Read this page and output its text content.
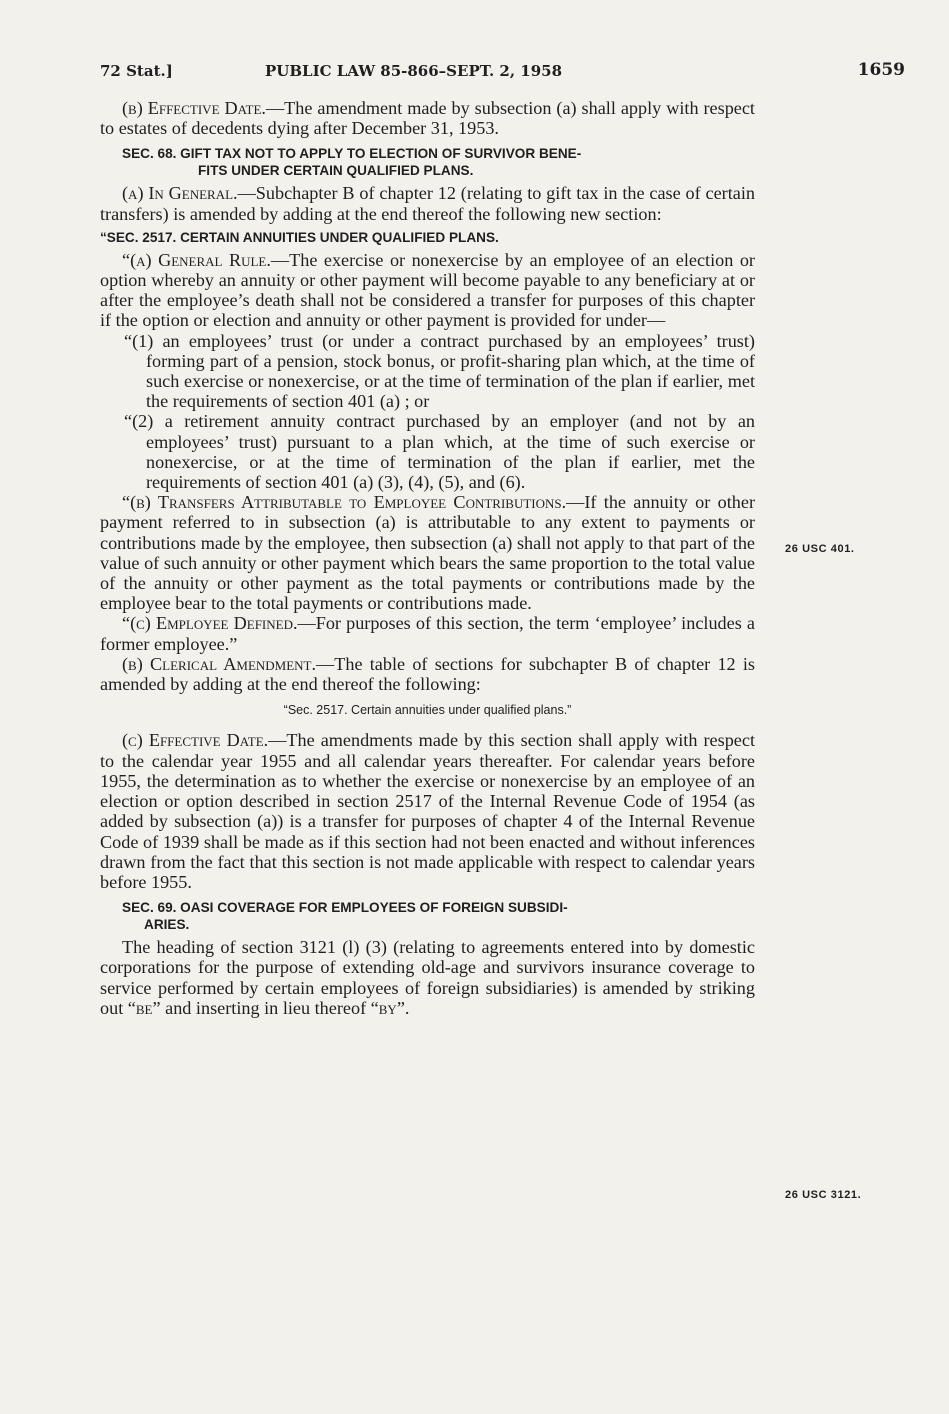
72 Stat.]	PUBLIC LAW 85-866–SEPT. 2, 1958	1659

(b) Effective Date.—The amendment made by subsection (a) shall apply with respect to estates of decedents dying after December 31, 1953.

SEC. 68. GIFT TAX NOT TO APPLY TO ELECTION OF SURVIVOR BENE-
FITS UNDER CERTAIN QUALIFIED PLANS.

(a) In General.—Subchapter B of chapter 12 (relating to gift tax in the case of certain transfers) is amended by adding at the end thereof the following new section:

“SEC. 2517. CERTAIN ANNUITIES UNDER QUALIFIED PLANS.

“(a) General Rule.—The exercise or nonexercise by an employee of an election or option whereby an annuity or other payment will become payable to any beneficiary at or after the employee’s death shall not be considered a transfer for purposes of this chapter if the option or election and annuity or other payment is provided for under—

“(1) an employees’ trust (or under a contract purchased by an employees’ trust) forming part of a pension, stock bonus, or profit-sharing plan which, at the time of such exercise or nonexercise, or at the time of termination of the plan if earlier, met the requirements of section 401 (a) ; or

“(2) a retirement annuity contract purchased by an employer (and not by an employees’ trust) pursuant to a plan which, at the time of such exercise or nonexercise, or at the time of termination of the plan if earlier, met the requirements of section 401 (a) (3), (4), (5), and (6).

“(b) Transfers Attributable to Employee Contributions.—If the annuity or other payment referred to in subsection (a) is attributable to any extent to payments or contributions made by the employee, then subsection (a) shall not apply to that part of the value of such annuity or other payment which bears the same proportion to the total value of the annuity or other payment as the total payments or contributions made by the employee bear to the total payments or contributions made.

“(c) Employee Defined.—For purposes of this section, the term ‘employee’ includes a former employee.”

(b) Clerical Amendment.—The table of sections for subchapter B of chapter 12 is amended by adding at the end thereof the following:

“Sec. 2517. Certain annuities under qualified plans.”

(c) Effective Date.—The amendments made by this section shall apply with respect to the calendar year 1955 and all calendar years thereafter. For calendar years before 1955, the determination as to whether the exercise or nonexercise by an employee of an election or option described in section 2517 of the Internal Revenue Code of 1954 (as added by subsection (a)) is a transfer for purposes of chapter 4 of the Internal Revenue Code of 1939 shall be made as if this section had not been enacted and without inferences drawn from the fact that this section is not made applicable with respect to calendar years before 1955.

SEC. 69. OASI COVERAGE FOR EMPLOYEES OF FOREIGN SUBSIDI-
ARIES.

The heading of section 3121 (l) (3) (relating to agreements entered into by domestic corporations for the purpose of extending old-age and survivors insurance coverage to service performed by certain employees of foreign subsidiaries) is amended by striking out “be” and inserting in lieu thereof “by”.

26 USC 401.
26 USC 3121.
